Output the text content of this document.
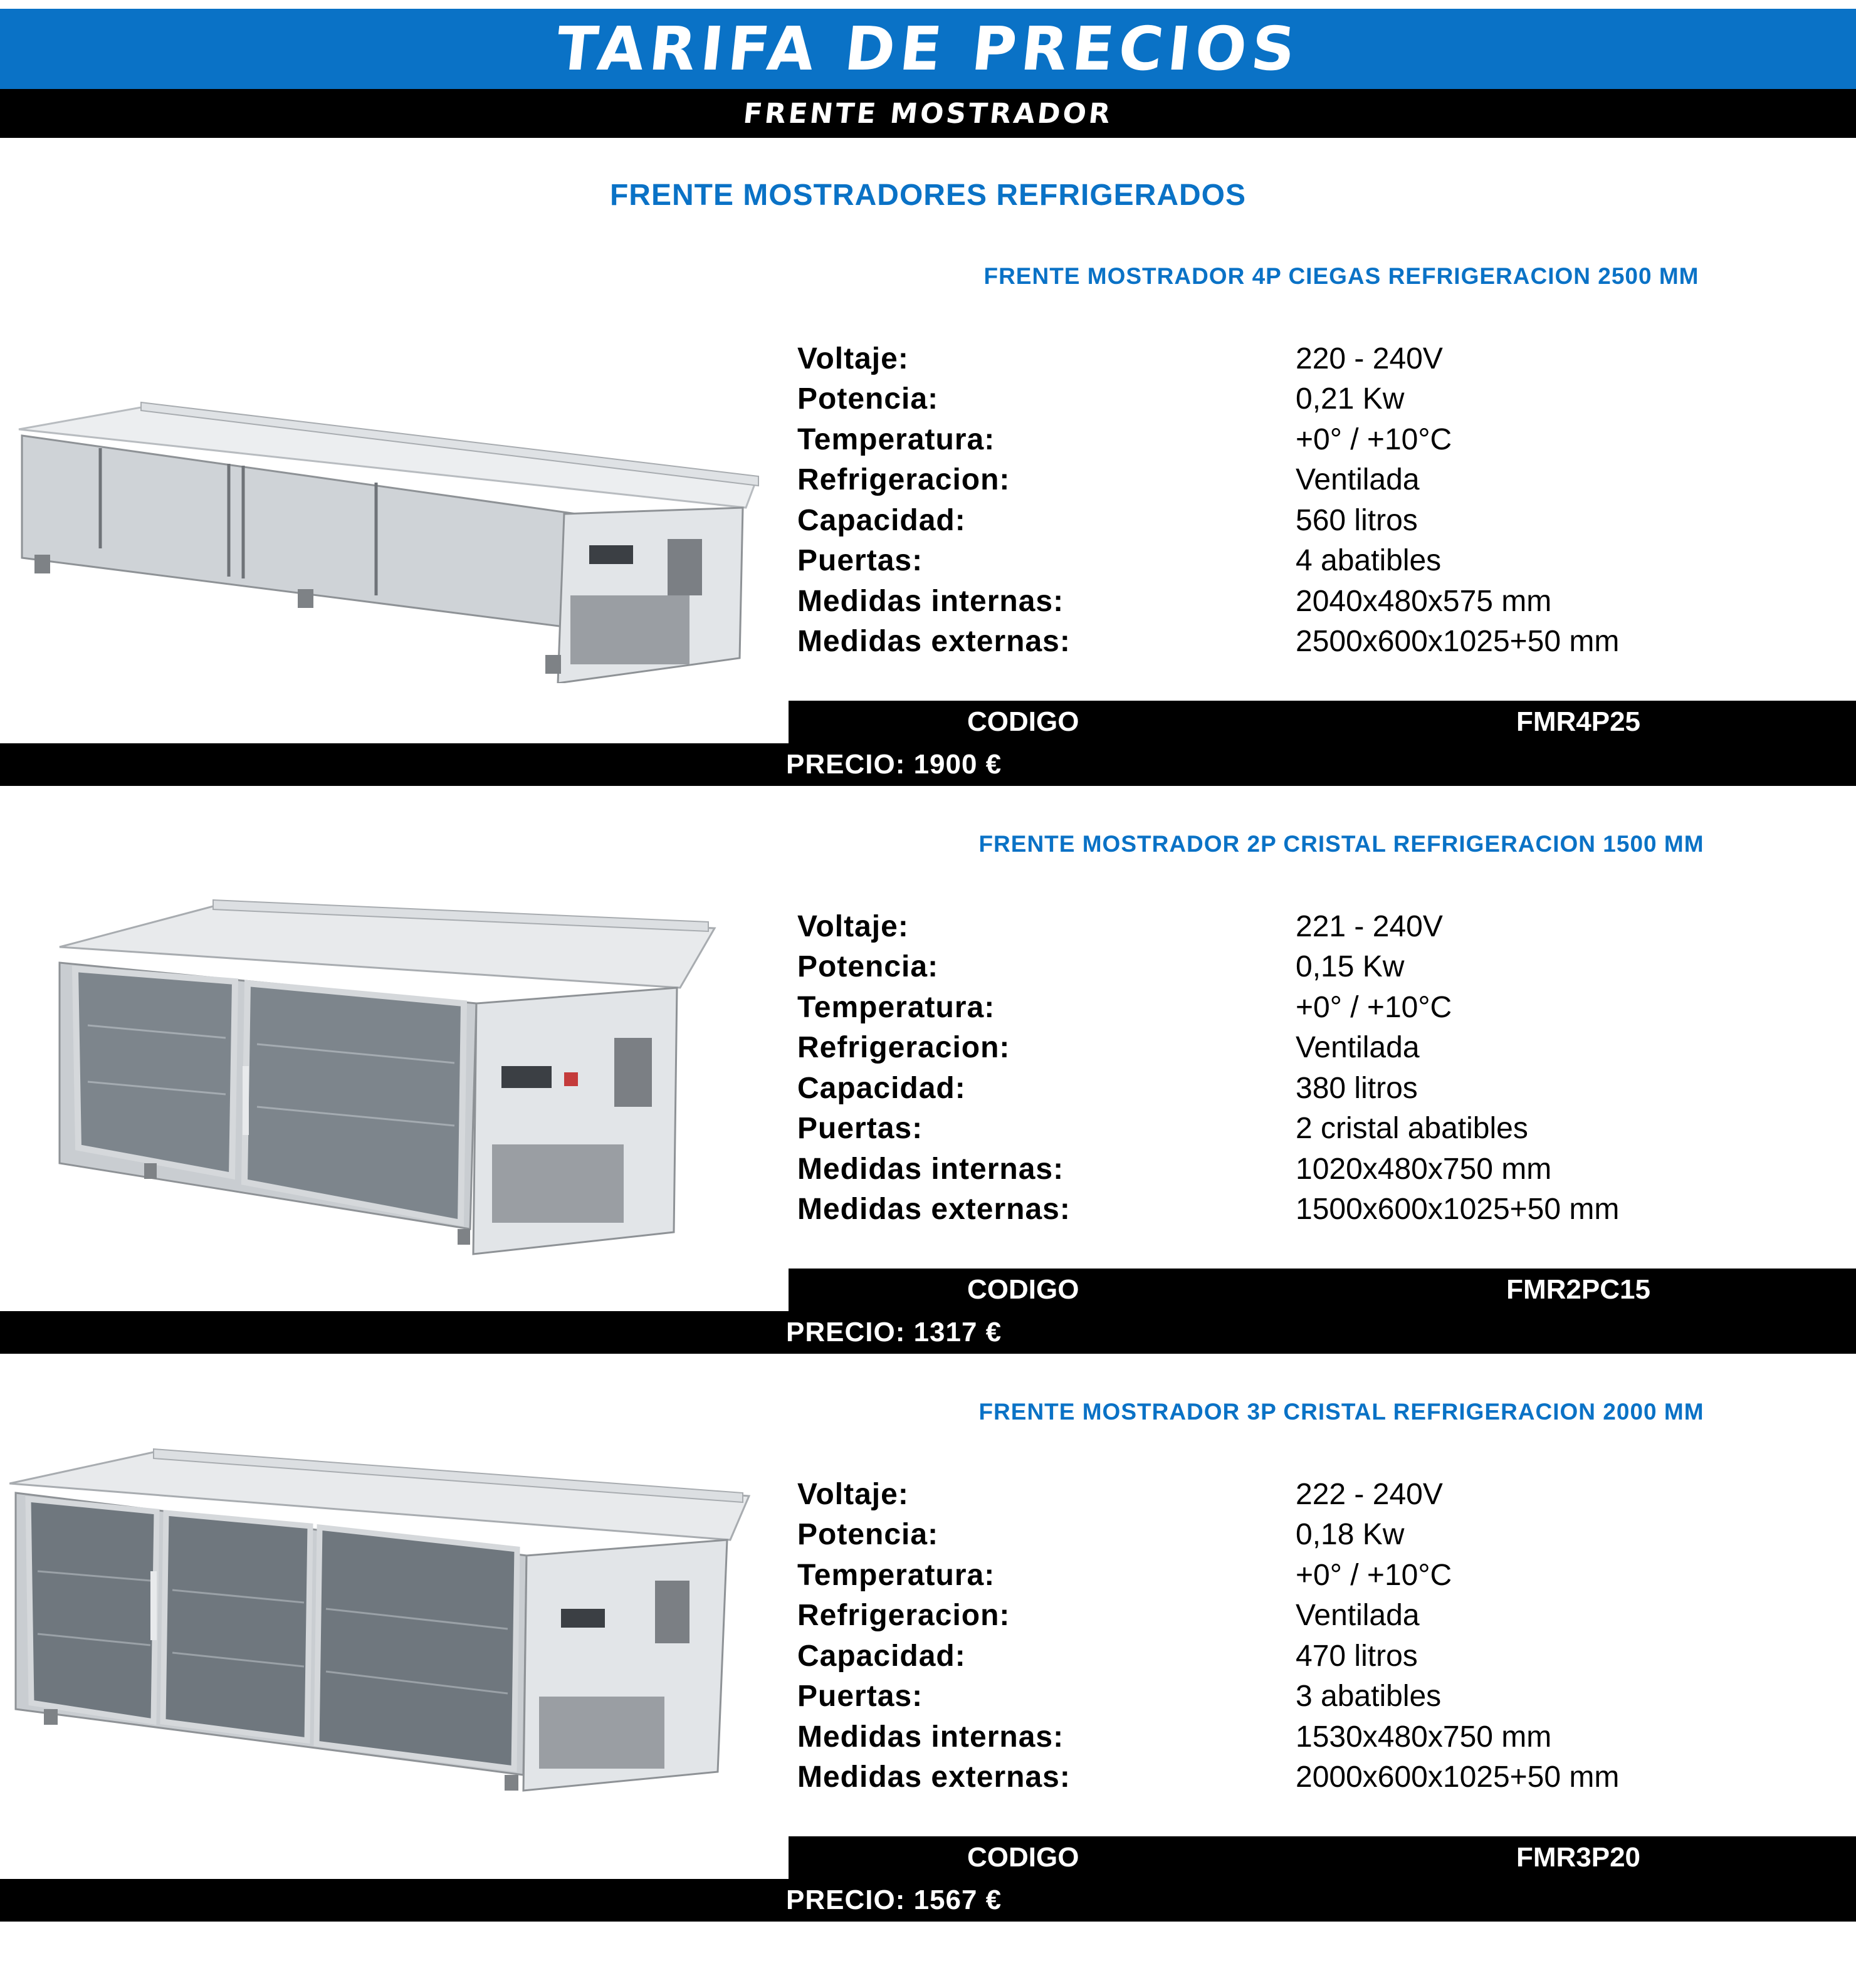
TARIFA DE PRECIOS
FRENTE MOSTRADOR
FRENTE MOSTRADORES REFRIGERADOS
FRENTE MOSTRADOR 4P CIEGAS REFRIGERACION 2500 MM
Voltaje:	220 - 240V
Potencia:	0,21 Kw
Temperatura:	+0° / +10°C
Refrigeracion:	Ventilada
Capacidad:	560 litros
Puertas:	4 abatibles
Medidas internas:	2040x480x575 mm
Medidas externas:	2500x600x1025+50 mm
CODIGO	FMR4P25
PRECIO: 1900 €
FRENTE MOSTRADOR 2P CRISTAL REFRIGERACION 1500 MM
Voltaje:	221 - 240V
Potencia:	0,15 Kw
Temperatura:	+0° / +10°C
Refrigeracion:	Ventilada
Capacidad:	380 litros
Puertas:	2 cristal abatibles
Medidas internas:	1020x480x750 mm
Medidas externas:	1500x600x1025+50 mm
CODIGO	FMR2PC15
PRECIO: 1317 €
FRENTE MOSTRADOR 3P CRISTAL REFRIGERACION 2000 MM
Voltaje:	222 - 240V
Potencia:	0,18 Kw
Temperatura:	+0° / +10°C
Refrigeracion:	Ventilada
Capacidad:	470 litros
Puertas:	3 abatibles
Medidas internas:	1530x480x750 mm
Medidas externas:	2000x600x1025+50 mm
CODIGO	FMR3P20
PRECIO: 1567 €
